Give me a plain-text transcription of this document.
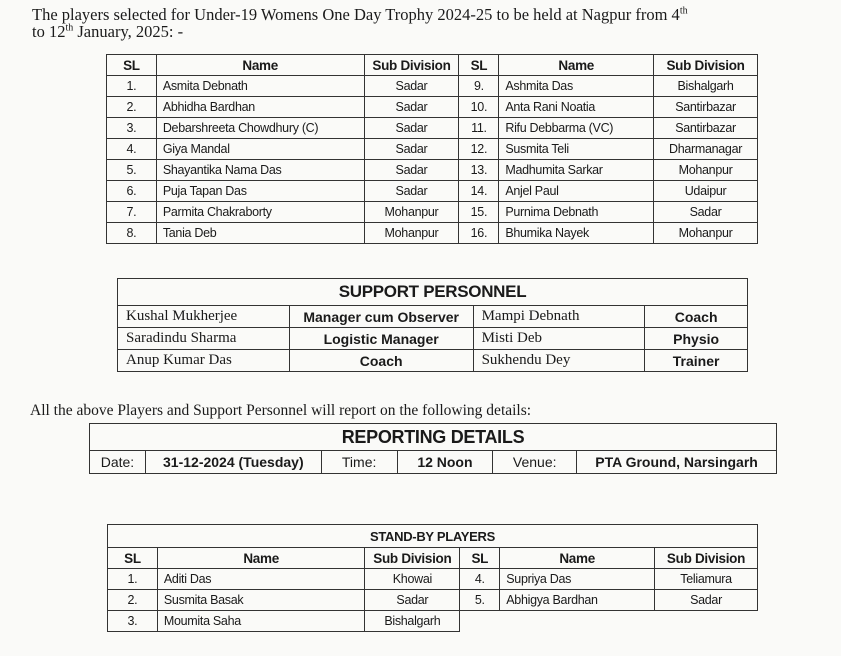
The players selected for Under-19 Womens One Day Trophy 2024-25 to be held at Nagpur from 4th
to 12th January, 2025: -

SL	Name	Sub Division	SL	Name	Sub Division
1.	Asmita Debnath	Sadar	9.	Ashmita Das	Bishalgarh
2.	Abhidha Bardhan	Sadar	10.	Anta Rani Noatia	Santirbazar
3.	Debarshreeta Chowdhury (C)	Sadar	11.	Rifu Debbarma (VC)	Santirbazar
4.	Giya Mandal	Sadar	12.	Susmita Teli	Dharmanagar
5.	Shayantika Nama Das	Sadar	13.	Madhumita Sarkar	Mohanpur
6.	Puja Tapan Das	Sadar	14.	Anjel Paul	Udaipur
7.	Parmita Chakraborty	Mohanpur	15.	Purnima Debnath	Sadar
8.	Tania Deb	Mohanpur	16.	Bhumika Nayek	Mohanpur
SUPPORT PERSONNEL			
Kushal Mukherjee	Manager cum Observer	Mampi Debnath	Coach
Saradindu Sharma	Logistic Manager	Misti Deb	Physio
Anup Kumar Das	Coach	Sukhendu Dey	Trainer

All the above Players and Support Personnel will report on the following details:

REPORTING DETAILS
Date:	31-12-2024 (Tuesday)	Time:	12 Noon	Venue:	PTA Ground, Narsingarh
STAND-BY PLAYERS					
SL	Name	Sub Division	SL	Name	Sub Division
1.	Aditi Das	Khowai	4.	Supriya Das	Teliamura
2.	Susmita Basak	Sadar	5.	Abhigya Bardhan	Sadar
3.	Moumita Saha	Bishalgarh			
